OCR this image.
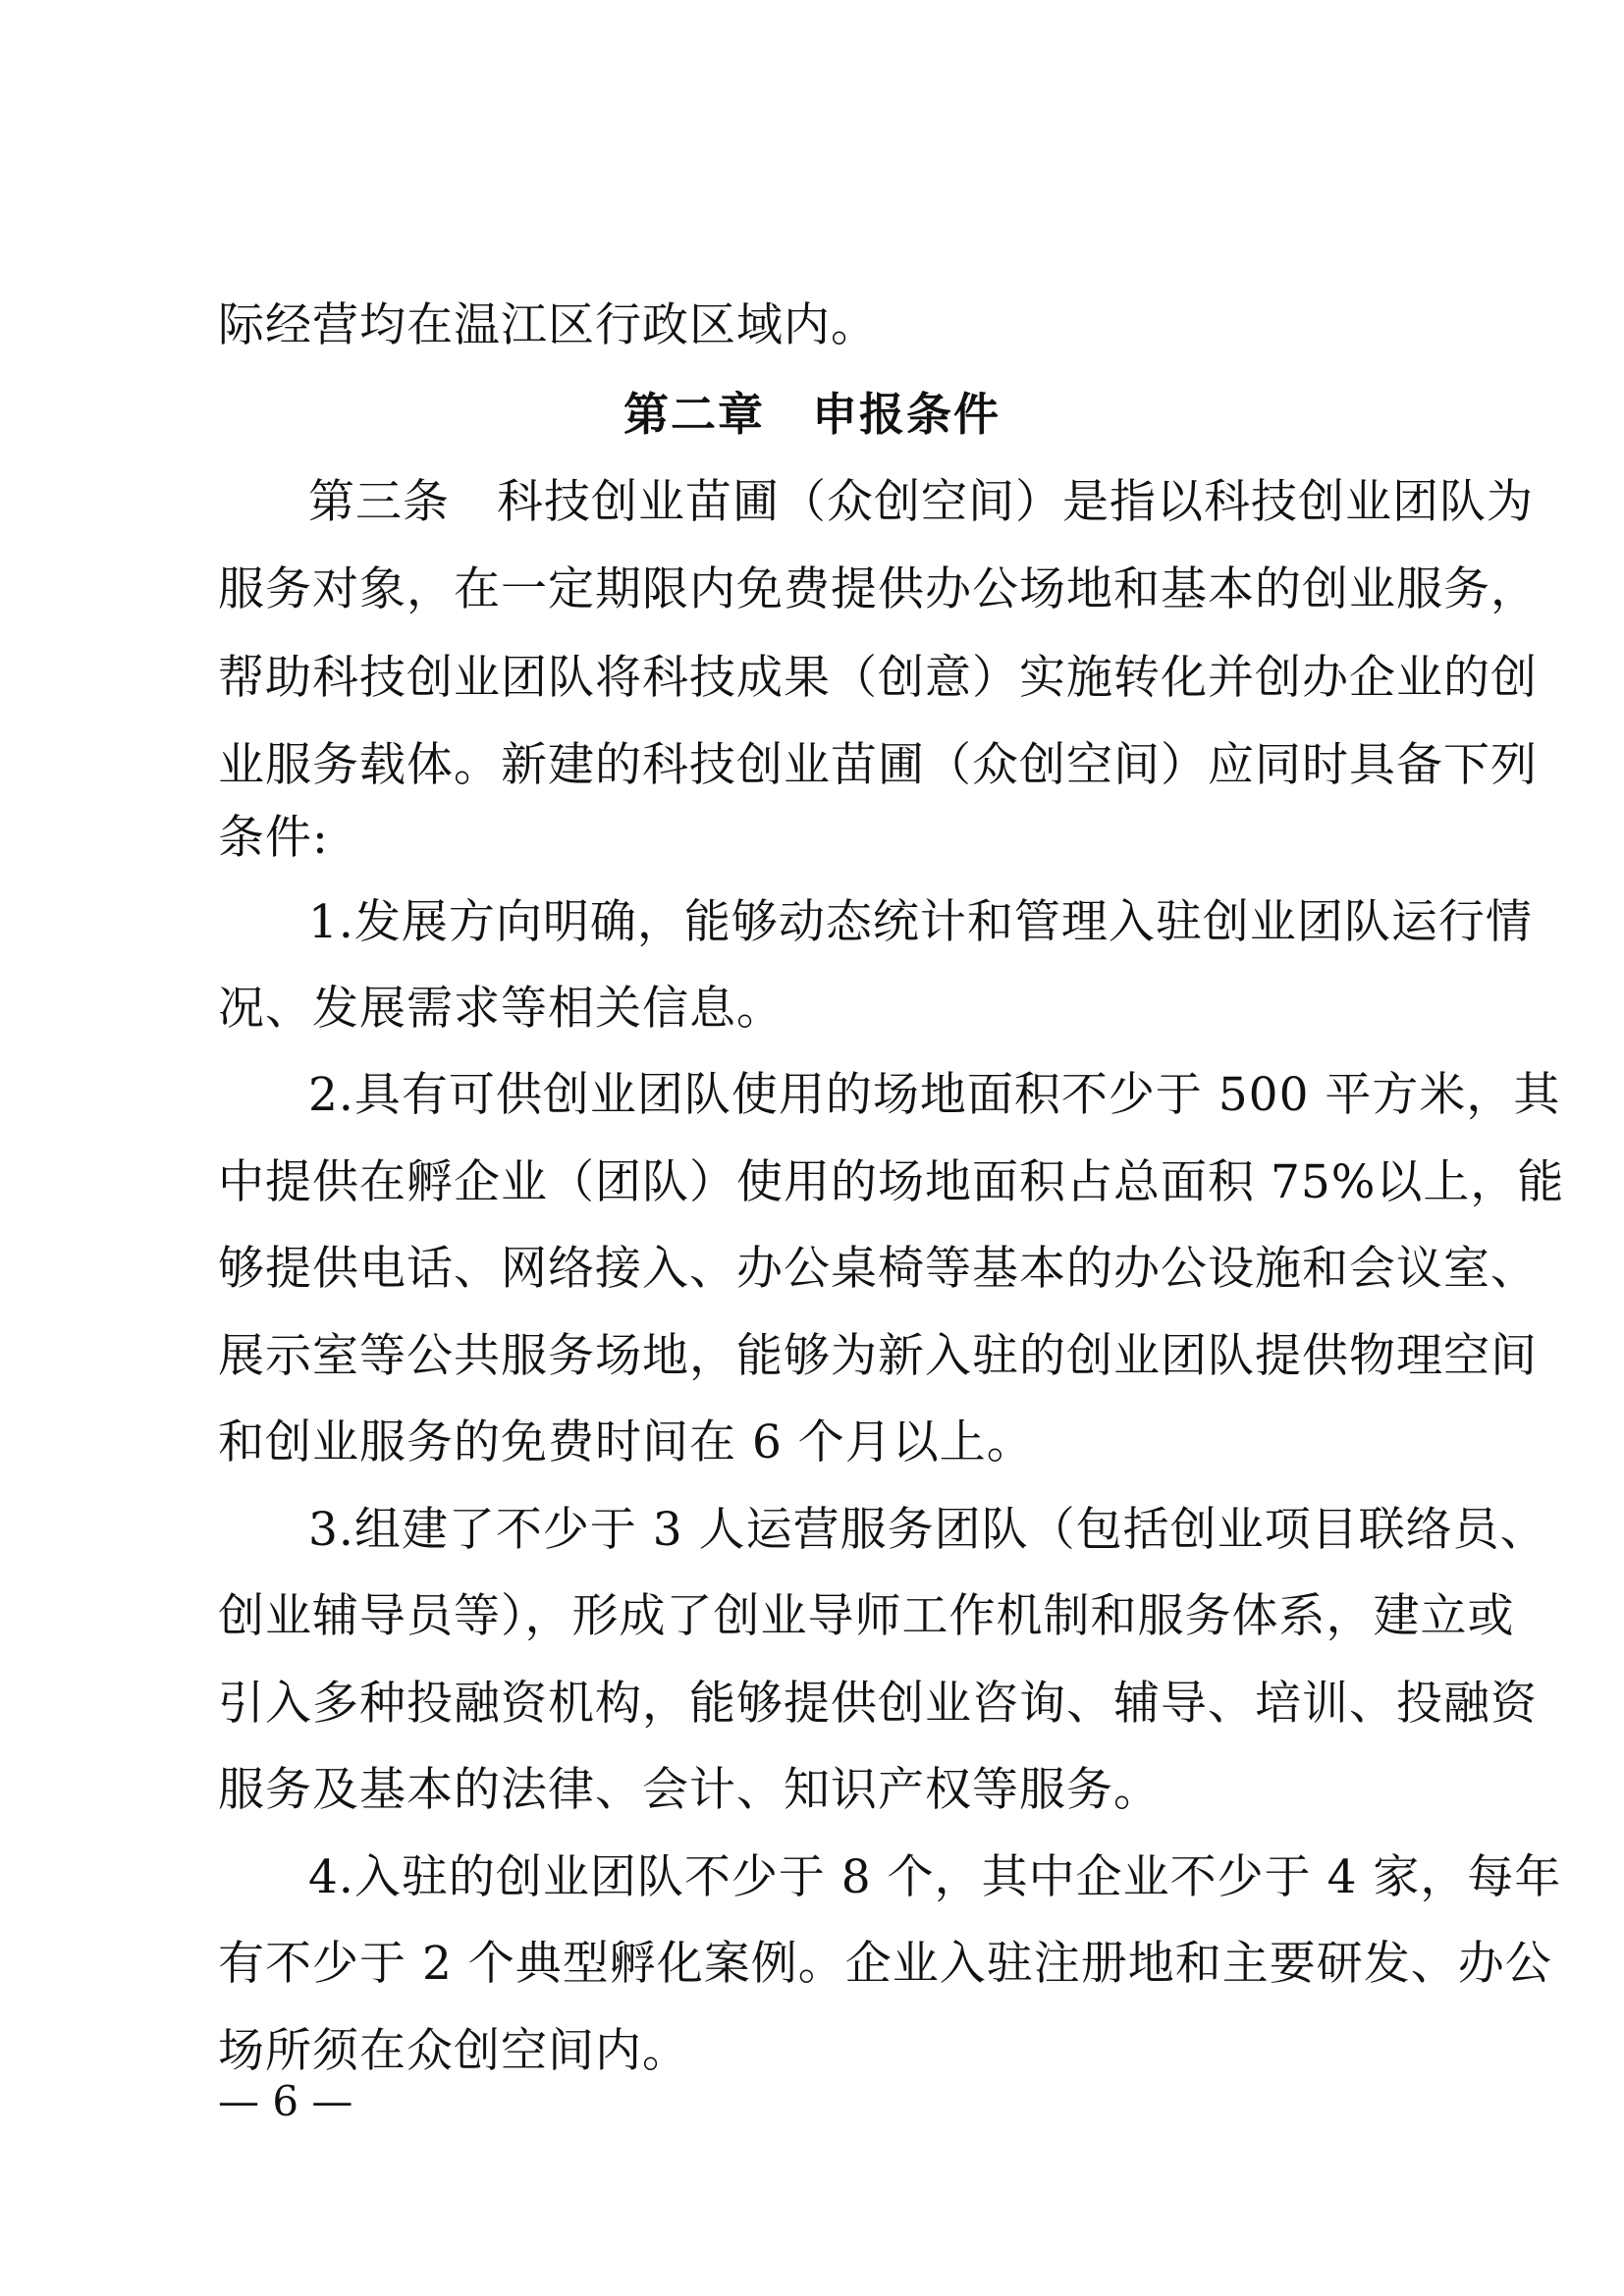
际经营均在温江区行政区域内。
第二章　申报条件
第三条　科技创业苗圃（众创空间）是指以科技创业团队为
服务对象，在一定期限内免费提供办公场地和基本的创业服务，
帮助科技创业团队将科技成果（创意）实施转化并创办企业的创
业服务载体。新建的科技创业苗圃（众创空间）应同时具备下列
条件:
1.发展方向明确，能够动态统计和管理入驻创业团队运行情
况、发展需求等相关信息。
2.具有可供创业团队使用的场地面积不少于 500 平方米，其
中提供在孵企业（团队）使用的场地面积占总面积 75%以上，能
够提供电话、网络接入、办公桌椅等基本的办公设施和会议室、
展示室等公共服务场地，能够为新入驻的创业团队提供物理空间
和创业服务的免费时间在 6 个月以上。
3.组建了不少于 3 人运营服务团队（包括创业项目联络员、
创业辅导员等），形成了创业导师工作机制和服务体系，建立或
引入多种投融资机构，能够提供创业咨询、辅导、培训、投融资
服务及基本的法律、会计、知识产权等服务。
4.入驻的创业团队不少于 8 个，其中企业不少于 4 家，每年
有不少于 2 个典型孵化案例。企业入驻注册地和主要研发、办公
场所须在众创空间内。
— 6 —
